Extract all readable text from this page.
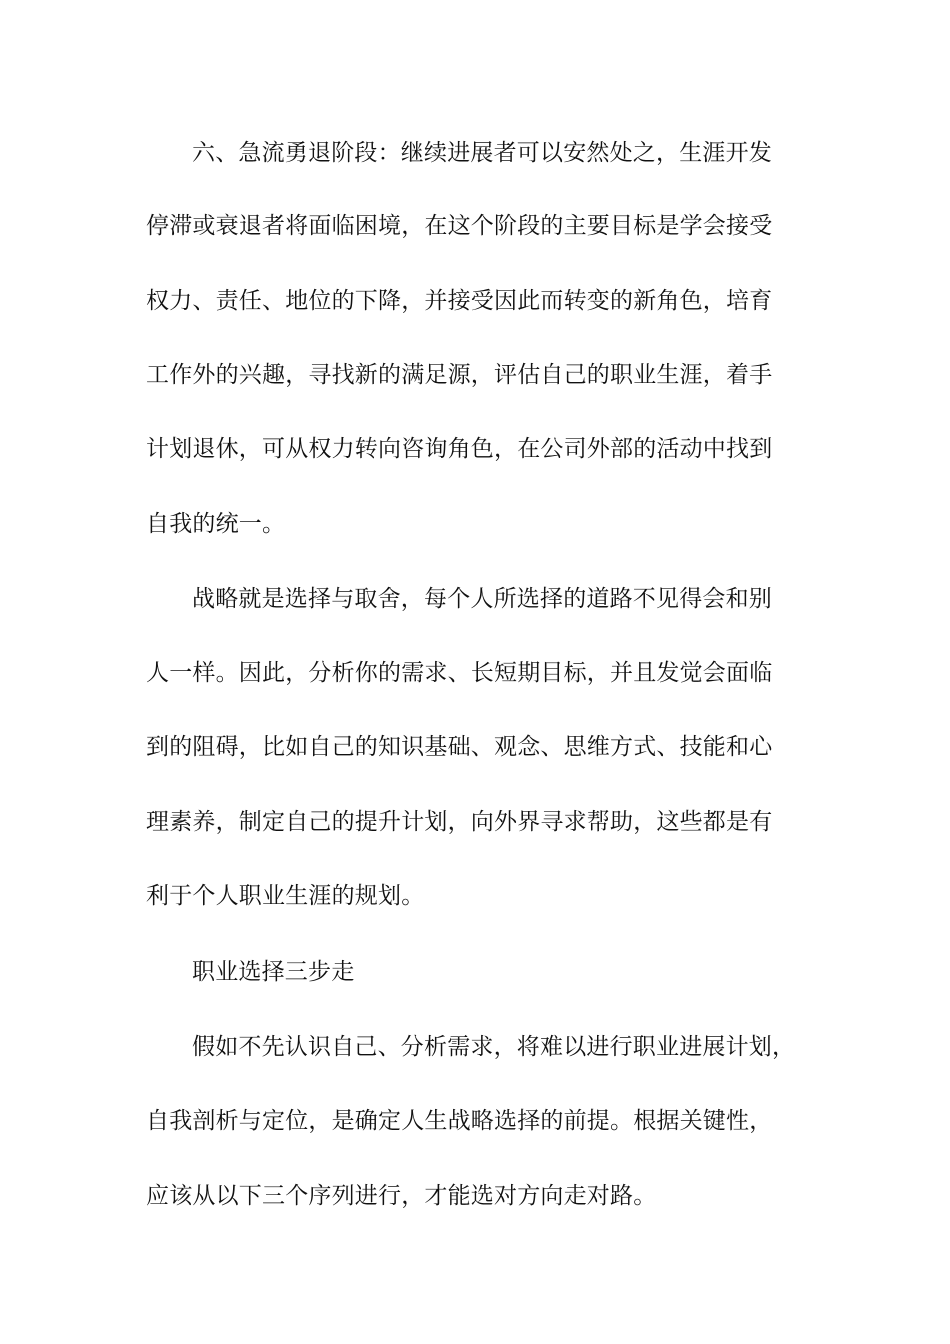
六、急流勇退阶段：继续进展者可以安然处之，生涯开发
停滞或衰退者将面临困境，在这个阶段的主要目标是学会接受
权力、责任、地位的下降，并接受因此而转变的新角色，培育
工作外的兴趣，寻找新的满足源，评估自己的职业生涯，着手
计划退休，可从权力转向咨询角色，在公司外部的活动中找到
自我的统一。
战略就是选择与取舍，每个人所选择的道路不见得会和别
人一样。因此，分析你的需求、长短期目标，并且发觉会面临
到的阻碍，比如自己的知识基础、观念、思维方式、技能和心
理素养，制定自己的提升计划，向外界寻求帮助，这些都是有
利于个人职业生涯的规划。
职业选择三步走
假如不先认识自己、分析需求，将难以进行职业进展计划，
自我剖析与定位，是确定人生战略选择的前提。根据关键性，
应该从以下三个序列进行，才能选对方向走对路。
